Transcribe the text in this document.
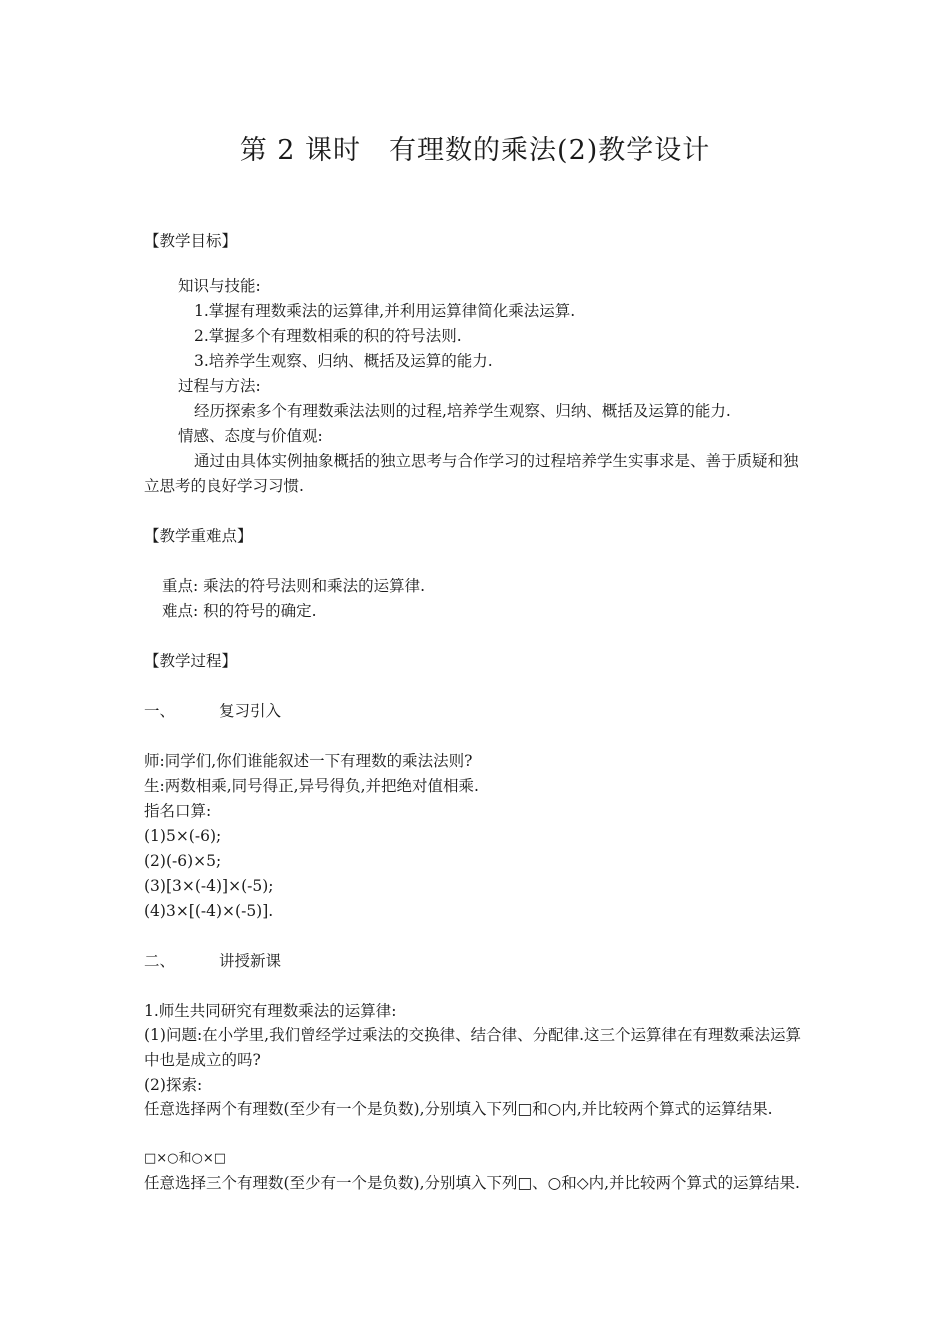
第 2 课时　有理数的乘法(2)教学设计
【教学目标】
知识与技能:
1.掌握有理数乘法的运算律,并利用运算律简化乘法运算.
2.掌握多个有理数相乘的积的符号法则.
3.培养学生观察、归纳、概括及运算的能力.
过程与方法:
经历探索多个有理数乘法法则的过程,培养学生观察、归纳、概括及运算的能力.
情感、态度与价值观:
通过由具体实例抽象概括的独立思考与合作学习的过程培养学生实事求是、善于质疑和独立思考的良好学习习惯.
【教学重难点】
重点: 乘法的符号法则和乘法的运算律.
难点: 积的符号的确定.
【教学过程】
一、	复习引入
师:同学们,你们谁能叙述一下有理数的乘法法则?
生:两数相乘,同号得正,异号得负,并把绝对值相乘.
指名口算:
(1)5×(-6);
(2)(-6)×5;
(3)[3×(-4)]×(-5);
(4)3×[(-4)×(-5)].
二、	讲授新课
1.师生共同研究有理数乘法的运算律:
(1)问题:在小学里,我们曾经学过乘法的交换律、结合律、分配律.这三个运算律在有理数乘法运算中也是成立的吗?
(2)探索:
任意选择两个有理数(至少有一个是负数),分别填入下列□和○内,并比较两个算式的运算结果.
□×○和○×□
任意选择三个有理数(至少有一个是负数),分别填入下列□、○和◇内,并比较两个算式的运算结果.
